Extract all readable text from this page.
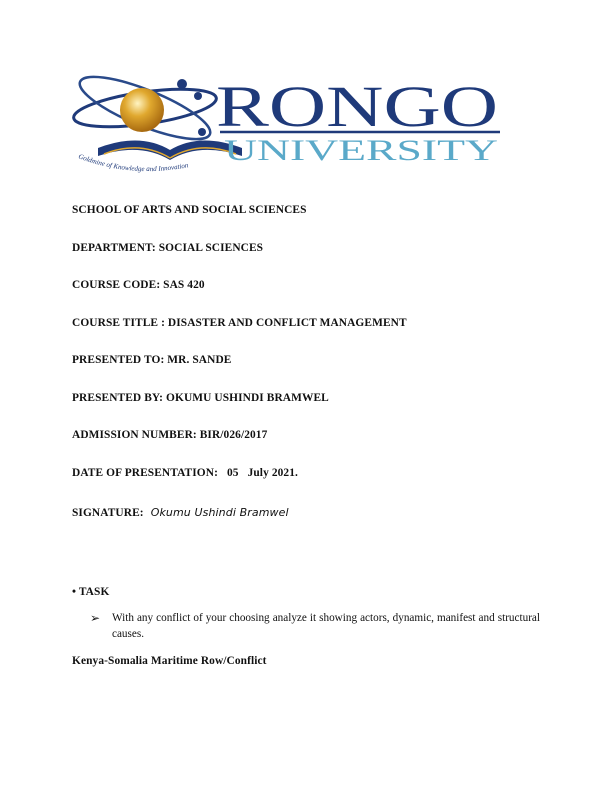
RONGO
UNIVERSITY
Goldmine of Knowledge and Innovation

SCHOOL OF ARTS AND SOCIAL SCIENCES

DEPARTMENT: SOCIAL SCIENCES

COURSE CODE: SAS 420

COURSE TITLE : DISASTER AND CONFLICT MANAGEMENT

PRESENTED TO: MR. SANDE

PRESENTED BY: OKUMU USHINDI BRAMWEL

ADMISSION NUMBER: BIR/026/2017

DATE OF PRESENTATION: 05 July 2021.

SIGNATURE: Okumu Ushindi Bramwel

• TASK

➢	With any conflict of your choosing analyze it showing actors, dynamic, manifest and structural causes.

Kenya-Somalia Maritime Row/Conflict
